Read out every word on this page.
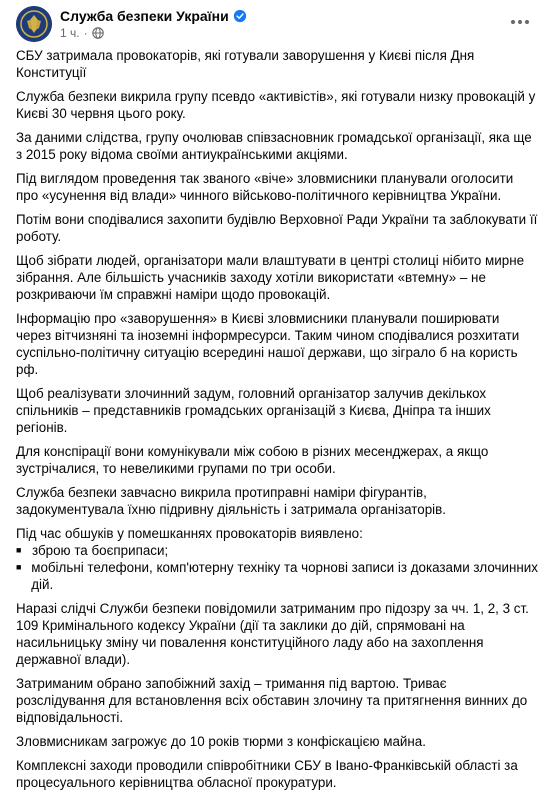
Служба безпеки України
1 ч. ·

СБУ затримала провокаторів, які готували заворушення у Києві після Дня Конституції

Служба безпеки викрила групу псевдо «активістів», які готували низку провокацій у Києві 30 червня цього року.

За даними слідства, групу очолював співзасновник громадської організації, яка ще з 2015 року відома своїми антиукраїнськими акціями.

Під виглядом проведення так званого «віче» зловмисники планували оголосити про «усунення від влади» чинного військово-політичного керівництва України.

Потім вони сподівалися захопити будівлю Верховної Ради України та заблокувати її роботу.

Щоб зібрати людей, організатори мали влаштувати в центрі столиці нібито мирне зібрання. Але більшість учасників заходу хотіли використати «втемну» – не розкриваючи їм справжні наміри щодо провокацій.

Інформацію про «заворушення» в Києві зловмисники планували поширювати через вітчизняні та іноземні інформресурси. Таким чином сподівалися розхитати суспільно-політичну ситуацію всередині нашої держави, що зіграло б на користь рф.

Щоб реалізувати злочинний задум, головний організатор залучив декількох спільників – представників громадських організацій з Києва, Дніпра та інших регіонів.

Для конспірації вони комунікували між собою в різних месенджерах, а якщо зустрічалися, то невеликими групами по три особи.

Служба безпеки завчасно викрила протиправні наміри фігурантів, задокументувала їхню підривну діяльність і затримала організаторів.

Під час обшуків у помешканнях провокаторів виявлено:

■ зброю та боєприпаси;
■ мобільні телефони, комп'ютерну техніку та чорнові записи із доказами злочинних дій.

Наразі слідчі Служби безпеки повідомили затриманим про підозру за чч. 1, 2, 3 ст. 109 Кримінального кодексу України (дії та заклики до дій, спрямовані на насильницьку зміну чи повалення конституційного ладу або на захоплення державної влади).

Затриманим обрано запобіжний захід – тримання під вартою. Триває розслідування для встановлення всіх обставин злочину та притягнення винних до відповідальності.

Зловмисникам загрожує до 10 років тюрми з конфіскацією майна.

Комплексні заходи проводили співробітники СБУ в Івано-Франківській області за процесуального керівництва обласної прокуратури.
